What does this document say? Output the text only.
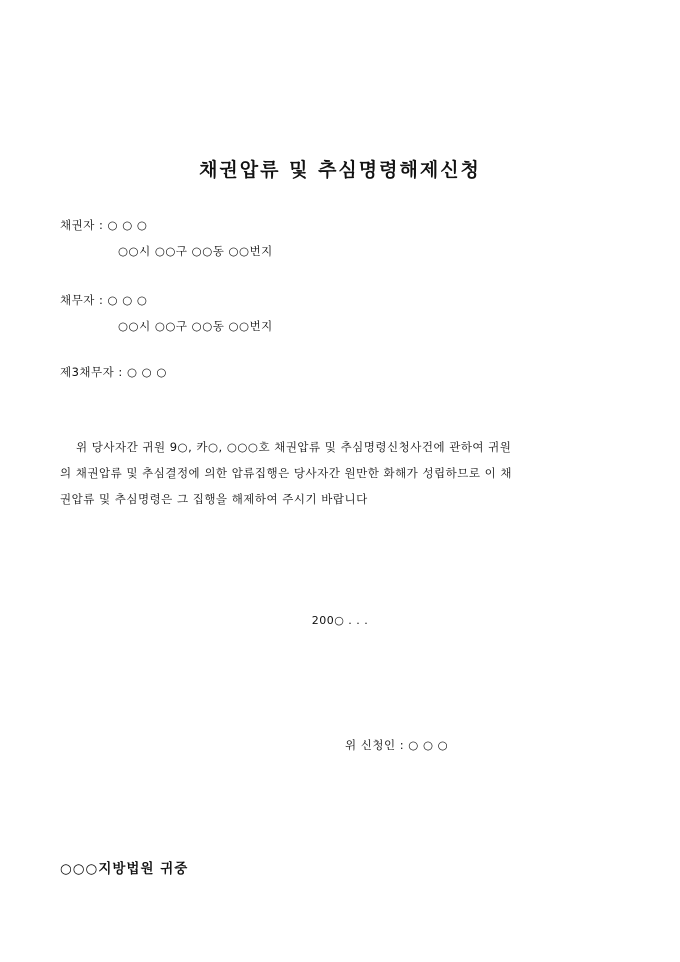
채권압류 및 추심명령해제신청
채권자 : ○ ○ ○
○○시 ○○구 ○○동 ○○번지
채무자 : ○ ○ ○
○○시 ○○구 ○○동 ○○번지
제3채무자 : ○ ○ ○
위 당사자간 귀원 9○, 카○, ○○○호 채권압류 및 추심명령신청사건에 관하여 귀원
의 채권압류 및 추심결정에 의한 압류집행은 당사자간 원만한 화해가 성립하므로 이 채
권압류 및 추심명령은 그 집행을 해제하여 주시기 바랍니다
200○ . . .
위 신청인 : ○ ○ ○
○○○지방법원 귀중
